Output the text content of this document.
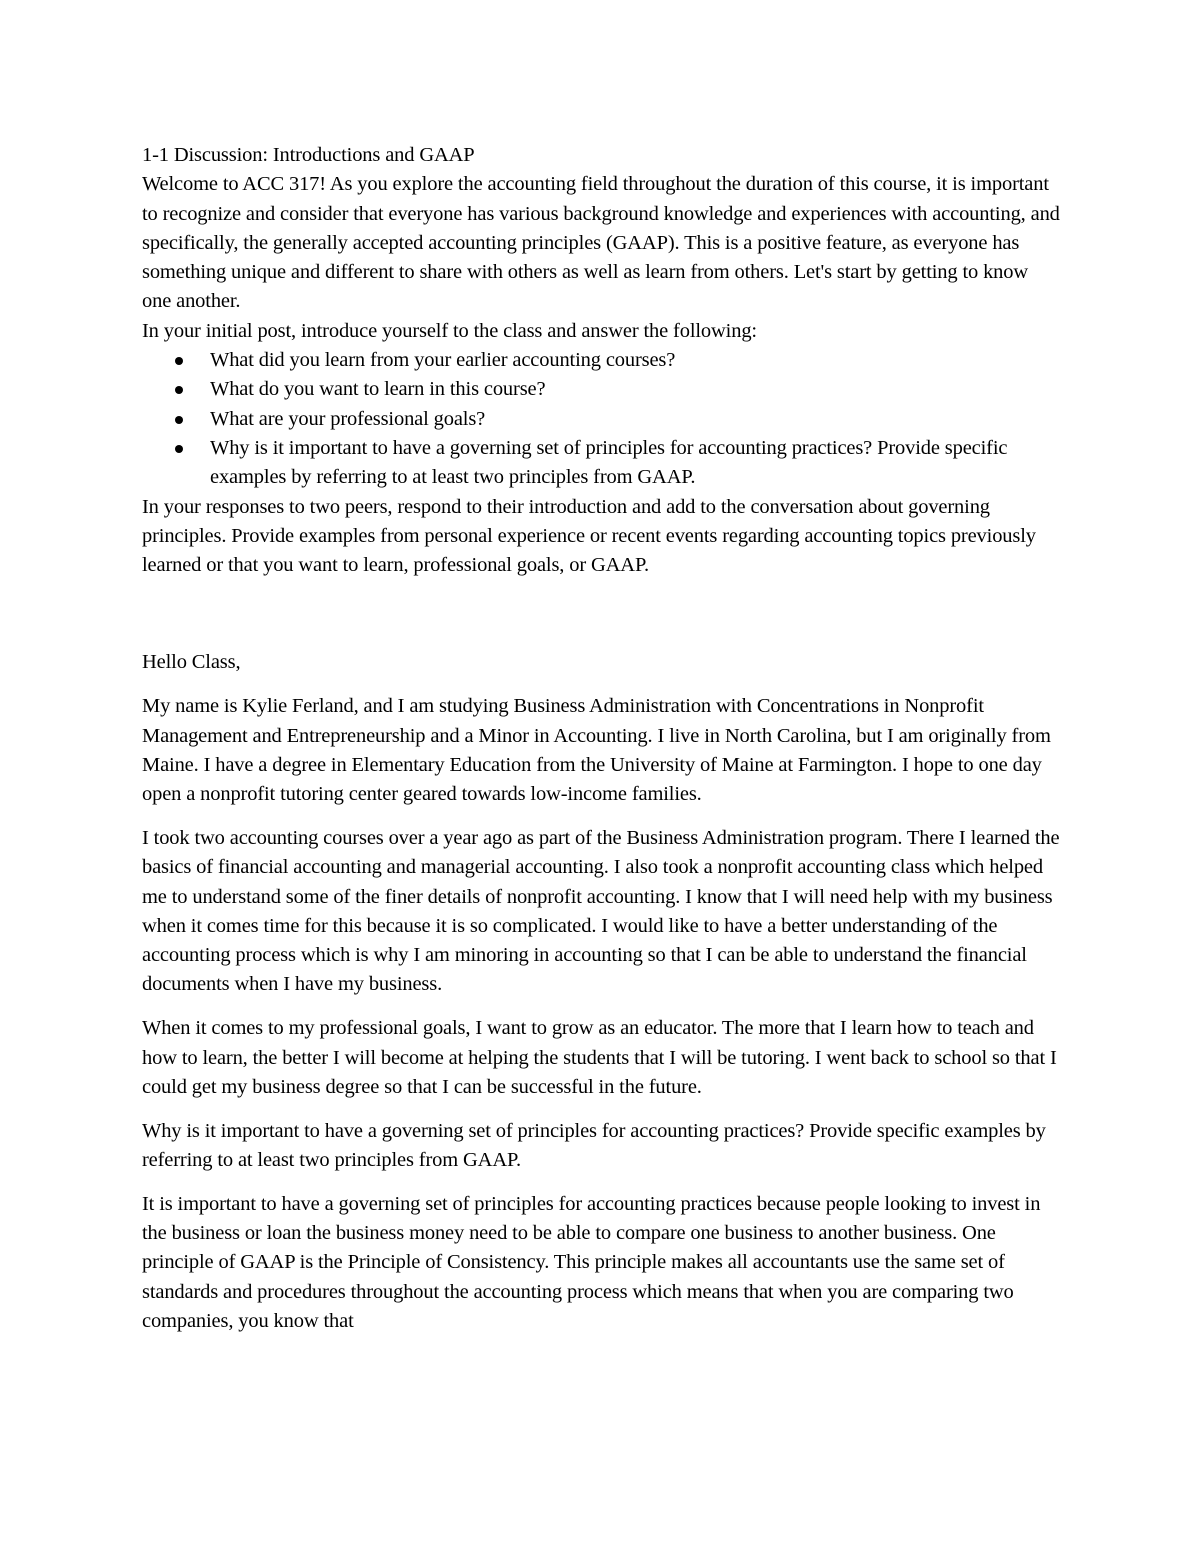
1-1 Discussion: Introductions and GAAP

Welcome to ACC 317! As you explore the accounting field throughout the duration of this course, it is important to recognize and consider that everyone has various background knowledge and experiences with accounting, and specifically, the generally accepted accounting principles (GAAP). This is a positive feature, as everyone has something unique and different to share with others as well as learn from others. Let's start by getting to know one another.

In your initial post, introduce yourself to the class and answer the following:

What did you learn from your earlier accounting courses?
What do you want to learn in this course?
What are your professional goals?
Why is it important to have a governing set of principles for accounting practices? Provide specific examples by referring to at least two principles from GAAP.

In your responses to two peers, respond to their introduction and add to the conversation about governing principles. Provide examples from personal experience or recent events regarding accounting topics previously learned or that you want to learn, professional goals, or GAAP.

Hello Class,

My name is Kylie Ferland, and I am studying Business Administration with Concentrations in Nonprofit Management and Entrepreneurship and a Minor in Accounting. I live in North Carolina, but I am originally from Maine. I have a degree in Elementary Education from the University of Maine at Farmington. I hope to one day open a nonprofit tutoring center geared towards low-income families.

I took two accounting courses over a year ago as part of the Business Administration program. There I learned the basics of financial accounting and managerial accounting. I also took a nonprofit accounting class which helped me to understand some of the finer details of nonprofit accounting. I know that I will need help with my business when it comes time for this because it is so complicated. I would like to have a better understanding of the accounting process which is why I am minoring in accounting so that I can be able to understand the financial documents when I have my business.

When it comes to my professional goals, I want to grow as an educator. The more that I learn how to teach and how to learn, the better I will become at helping the students that I will be tutoring. I went back to school so that I could get my business degree so that I can be successful in the future.

Why is it important to have a governing set of principles for accounting practices? Provide specific examples by referring to at least two principles from GAAP.

It is important to have a governing set of principles for accounting practices because people looking to invest in the business or loan the business money need to be able to compare one business to another business. One principle of GAAP is the Principle of Consistency. This principle makes all accountants use the same set of standards and procedures throughout the accounting process which means that when you are comparing two companies, you know that
